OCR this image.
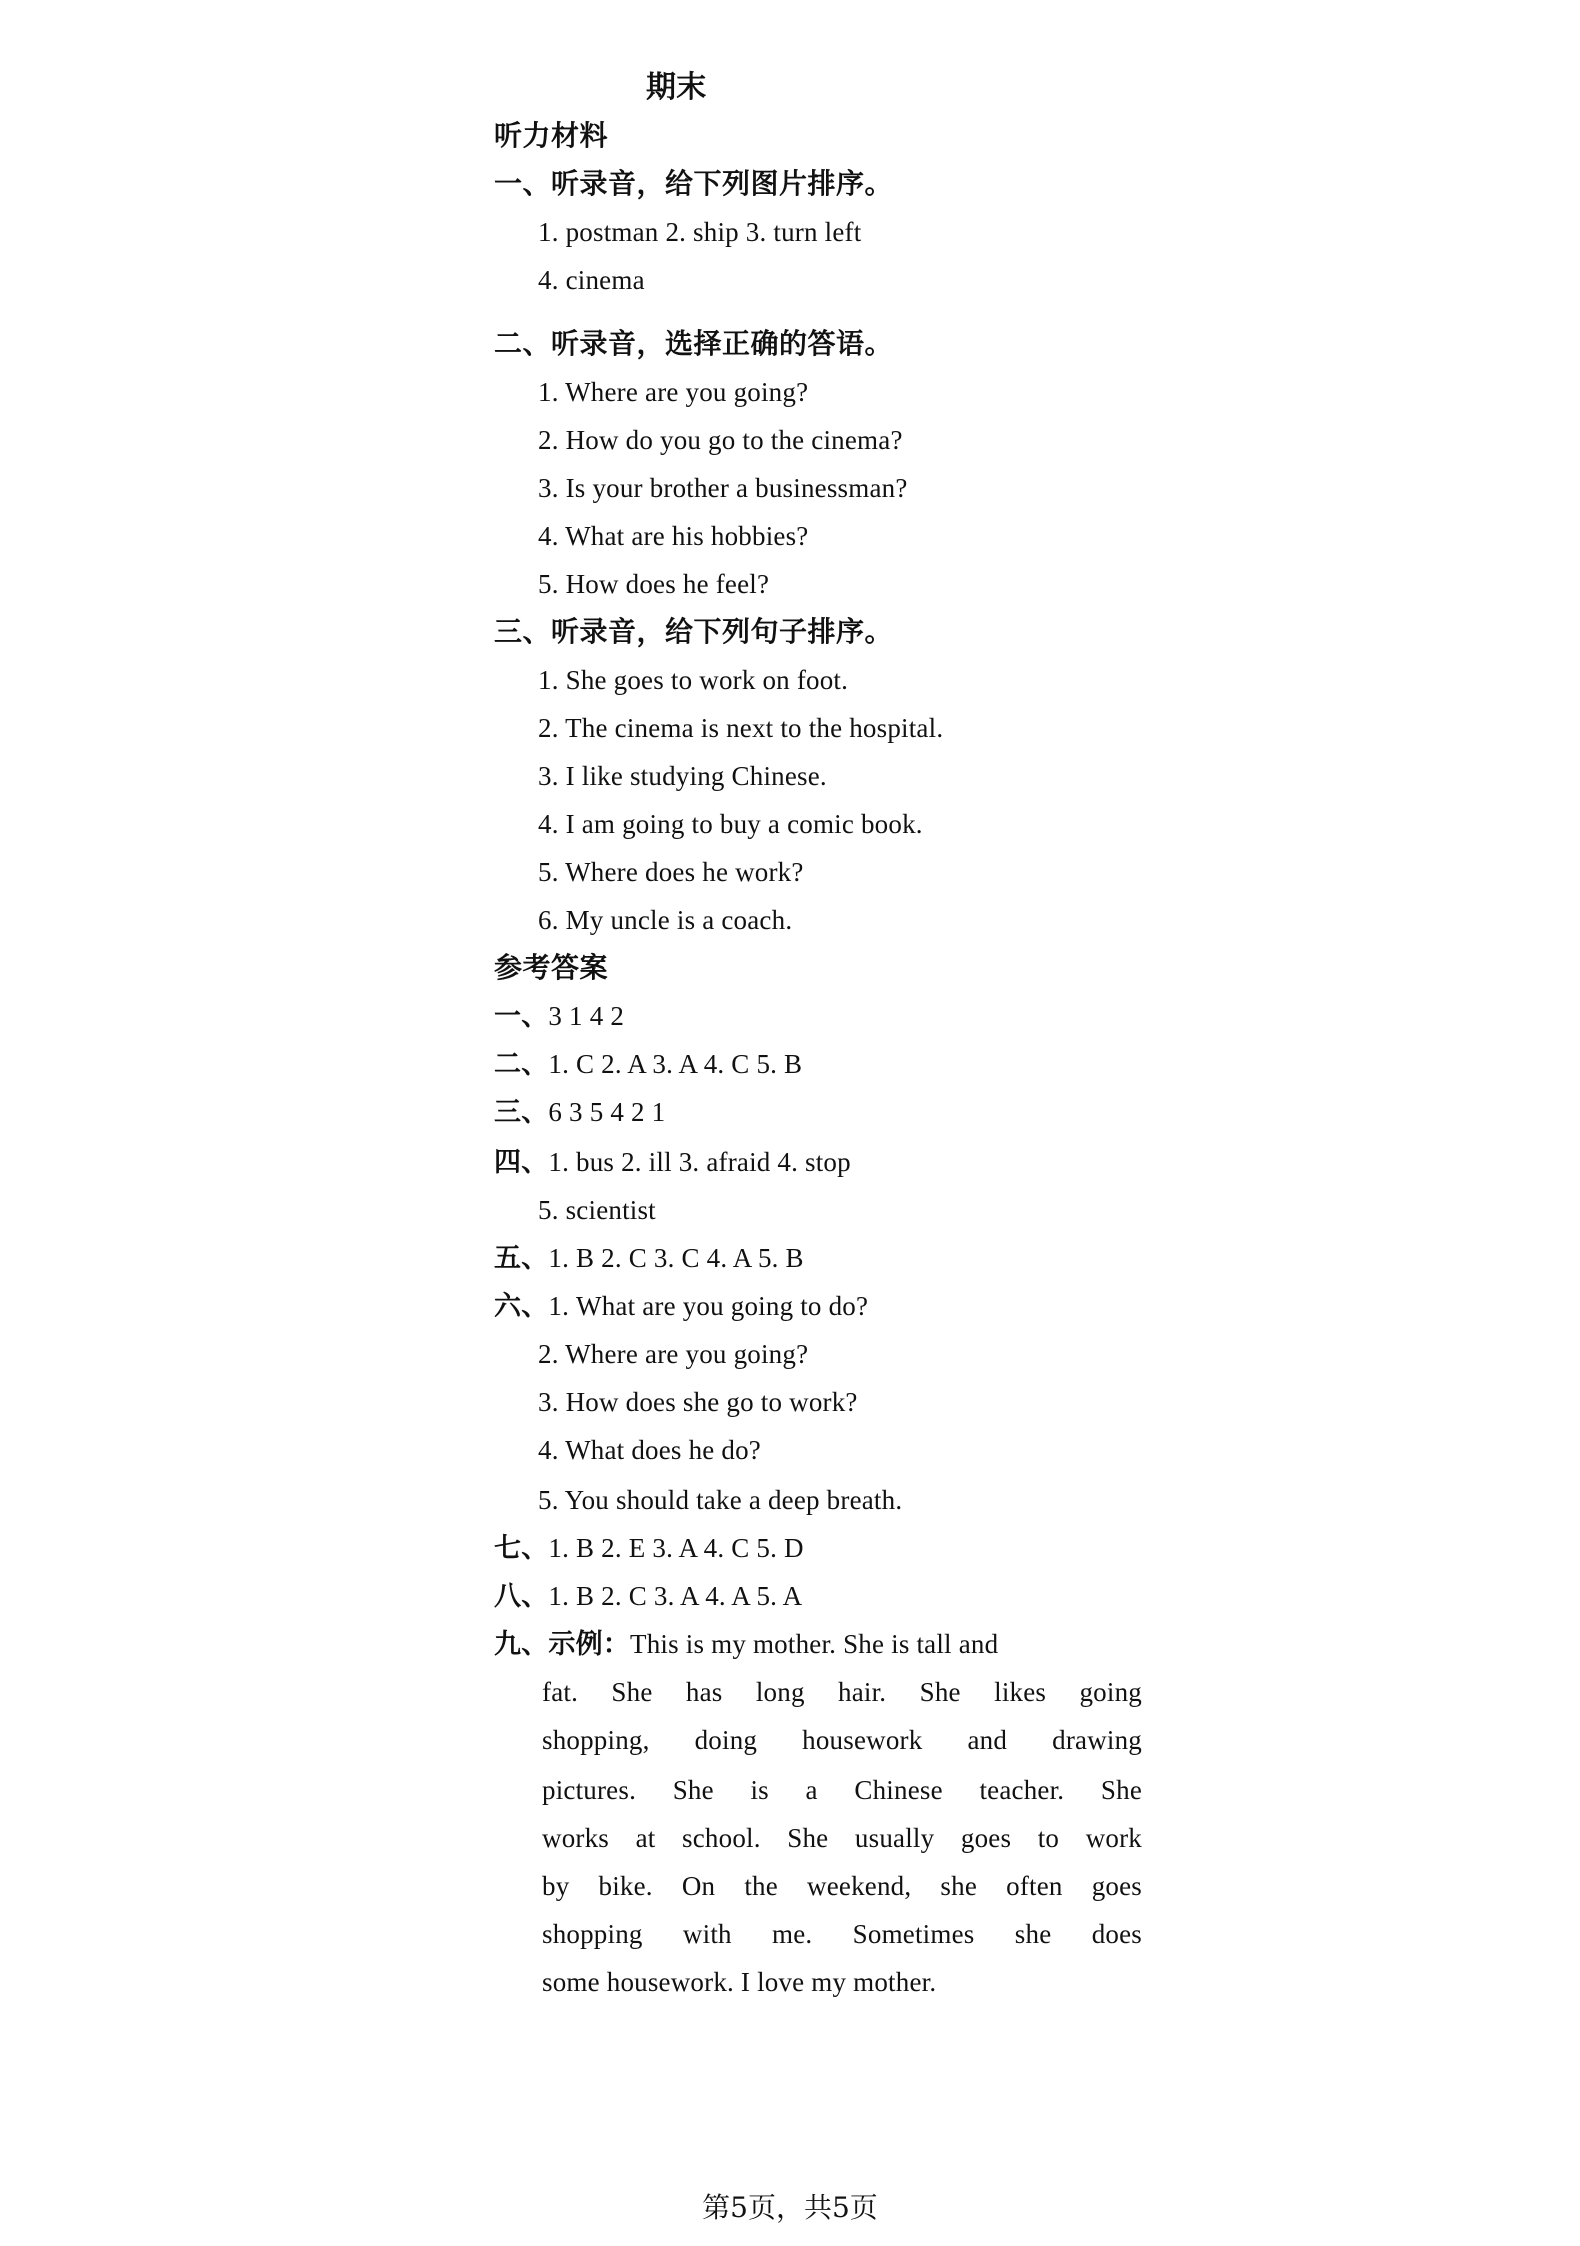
期末
听力材料
一、听录音，给下列图片排序。
1. postman 2. ship 3. turn left
4. cinema
二、听录音，选择正确的答语。
1. Where are you going?
2. How do you go to the cinema?
3. Is your brother a businessman?
4. What are his hobbies?
5. How does he feel?
三、听录音，给下列句子排序。
1. She goes to work on foot.
2. The cinema is next to the hospital.
3. I like studying Chinese.
4. I am going to buy a comic book.
5. Where does he work?
6. My uncle is a coach.
参考答案
一、3 1 4 2
二、1. C 2. A 3. A 4. C 5. B
三、6 3 5 4 2 1
四、1. bus 2. ill 3. afraid 4. stop
5. scientist
五、1. B 2. C 3. C 4. A 5. B
六、1. What are you going to do?
2. Where are you going?
3. How does she go to work?
4. What does he do?
5. You should take a deep breath.
七、1. B 2. E 3. A 4. C 5. D
八、1. B 2. C 3. A 4. A 5. A
九、示例：This is my mother. She is tall and
fat. She has long hair. She likes going
shopping, doing housework and drawing
pictures. She is a Chinese teacher. She
works at school. She usually goes to work
by bike. On the weekend, she often goes
shopping with me. Sometimes she does
some housework. I love my mother.
第5页，共5页
